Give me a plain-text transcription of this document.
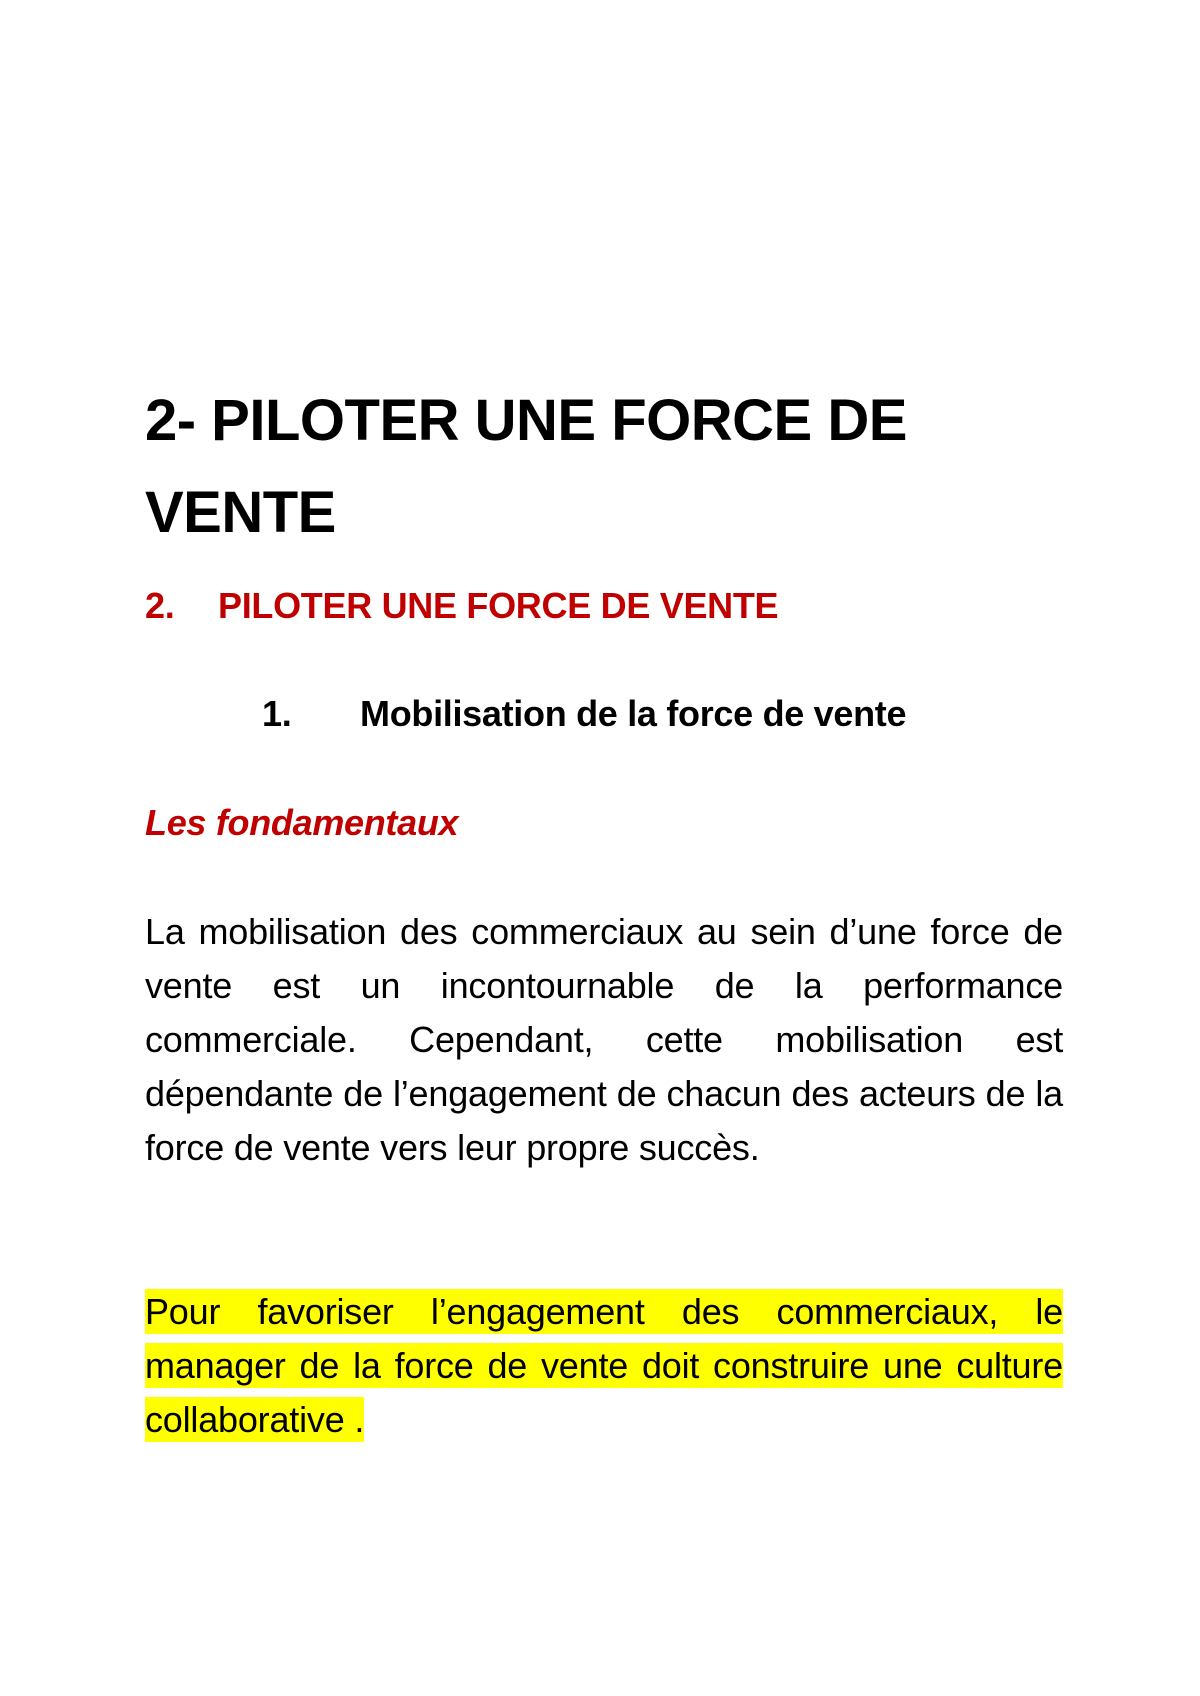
2- PILOTER UNE FORCE DE VENTE
2. PILOTER UNE FORCE DE VENTE
1. Mobilisation de la force de vente
Les fondamentaux

La mobilisation des commerciaux au sein d’une force de vente est un incontournable de la performance commerciale. Cependant, cette mobilisation est dépendante de l’engagement de chacun des acteurs de la force de vente vers leur propre succès.

Pour favoriser l’engagement des commerciaux, le manager de la force de vente doit construire une culture collaborative .
